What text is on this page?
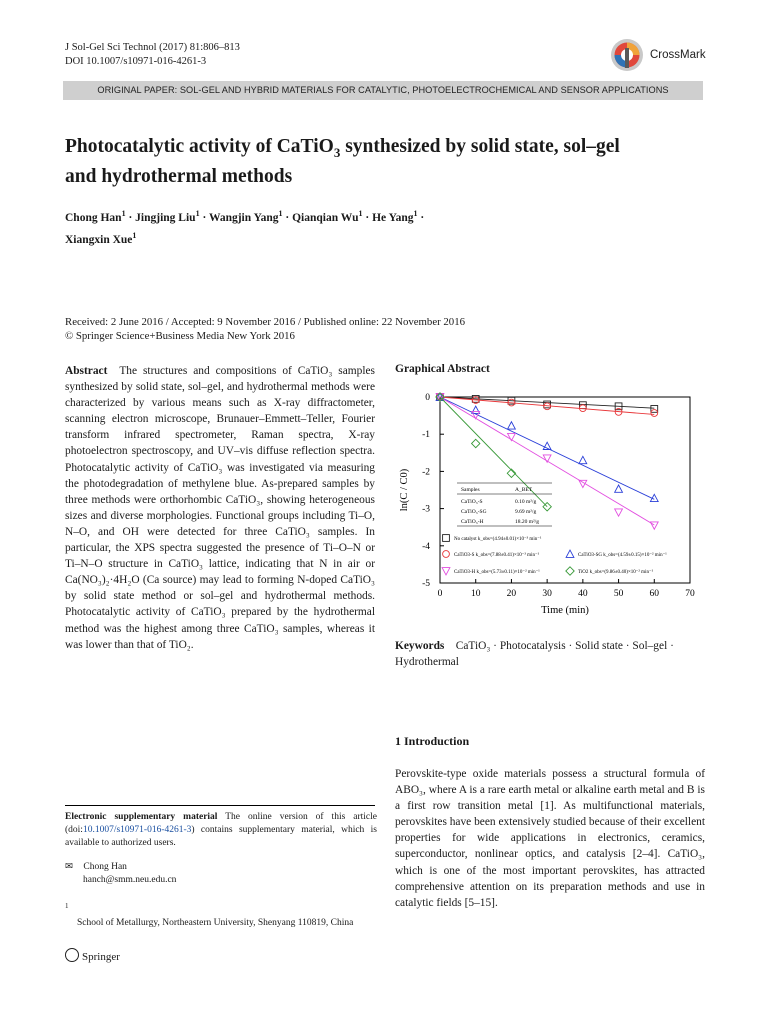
J Sol-Gel Sci Technol (2017) 81:806–813
DOI 10.1007/s10971-016-4261-3
CrossMark
ORIGINAL PAPER: SOL-GEL AND HYBRID MATERIALS FOR CATALYTIC, PHOTOELECTROCHEMICAL AND SENSOR APPLICATIONS
Photocatalytic activity of CaTiO$_3$ synthesized by solid state, sol–gel
and hydrothermal methods
Chong Han$^1$ · Jingjing Liu$^1$ · Wangjin Yang$^1$ · Qianqian $Wu^1 \cdot He$ Yang$^1$ ·
Xiangxin Xue$^1$
Received: 2 June 2016 / Accepted: 9 November 2016 / Published online: 22 November 2016
© Springer Science+Business Media New York 2016

Abstract The structures and compositions of CaTiO₃ samples synthesized by solid state, sol–gel, and hydrothermal methods were characterized by various means such as X-ray diffractometer, scanning electron microscope, Brunauer–Emmett–Teller, Fourier transform infrared spectrometer, Raman spectra, X-ray photoelectron spectroscopy, and UV–vis diffuse reflection spectra. Photocatalytic activity of CaTiO₃ was investigated via measuring the photodegradation of methylene blue. As-prepared samples by three methods were orthorhombic CaTiO₃, showing heterogeneous sizes and diverse morphologies. Functional groups including Ti–O, N–O, and OH were detected for three CaTiO₃ samples. In particular, the XPS spectra suggested the presence of Ti–O–N or Ti–N–O structure in CaTiO₃ lattice, indicating that N in air or Ca(NO₃)₂·4H₂O (Ca source) may lead to forming N-doped CaTiO₃ by solid state method or sol–gel and hydrothermal methods. Photocatalytic activity of CaTiO₃ prepared by the hydrothermal method was the highest among three CaTiO₃ samples, whereas it was lower than that of TiO₂.

Electronic supplementary material The online version of this article (doi:10.1007/s10971-016-4261-3) contains supplementary material, which is available to authorized users.
✉ Chong Han
hanch@smm.neu.edu.cn
$^1$ School of Metallurgy, Northeastern University, Shenyang 110819, China
Springer
Graphical Abstract
0	10	20	30	40	50	60	70
0
-1
-2
-3
-4
-5
Time (min)
ln(C / C0)	Samples	A_BET
CaTiO₃-S	0.10 m²/g
CaTiO₃-SG	9.69 m²/g
CaTiO₃-H	18.20 m²/g
No catalyst k_obs=(4.94±0.01)×10⁻³ min⁻¹
CaTiO3-S k_obs=(7.88±0.41)×10⁻³ min⁻¹	CaTiO3-SG k_obs=(4.59±0.15)×10⁻² min⁻¹
CaTiO3-H k_obs=(5.73±0.11)×10⁻² min⁻¹	TiO2 k_obs=(9.86±0.40)×10⁻² min⁻¹
Keywords CaTiO₃ · Photocatalysis · Solid state · Sol–gel · Hydrothermal
1 Introduction

Perovskite-type oxide materials possess a structural formula of ABO₃, where A is a rare earth metal or alkaline earth metal and B is a first row transition metal [1]. As multifunctional materials, perovskites have been extensively studied because of their excellent properties for wide applications in electronics, ceramics, superconductor, nonlinear optics, and catalysis [2–4]. CaTiO₃, which is one of the most important perovskites, has attracted comprehensive attention on its preparation methods and use in catalytic fields [5–15].
